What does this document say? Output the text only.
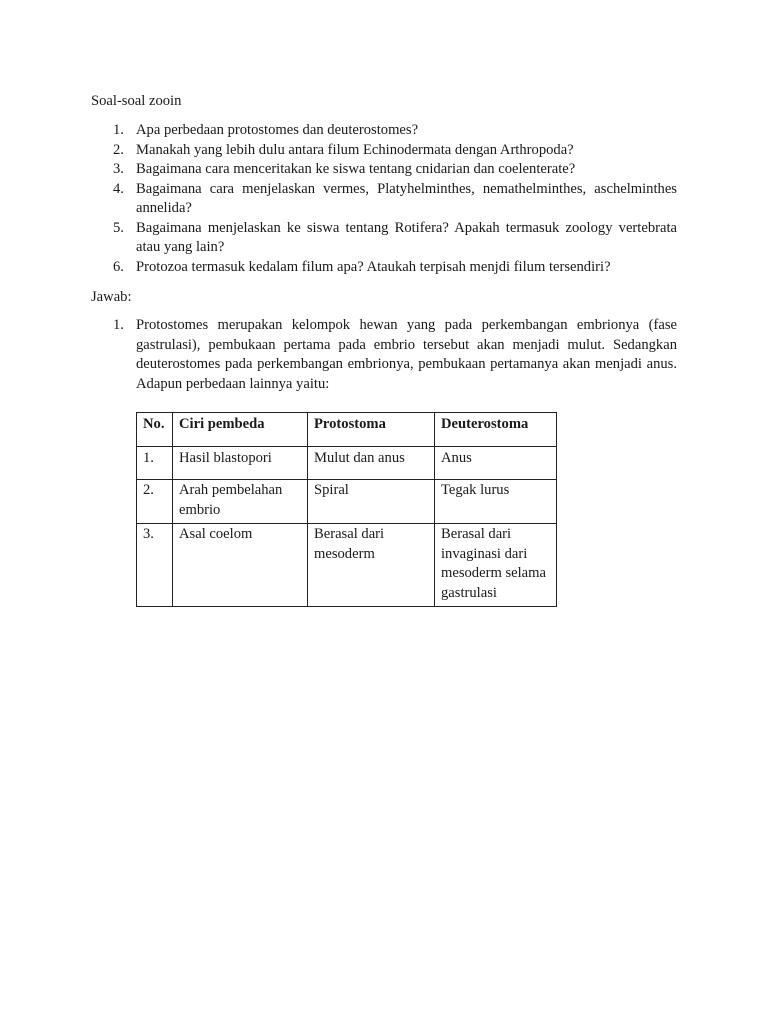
Soal-soal zooin

1. Apa perbedaan protostomes dan deuterostomes?
2. Manakah yang lebih dulu antara filum Echinodermata dengan Arthropoda?
3. Bagaimana cara menceritakan ke siswa tentang cnidarian dan coelenterate?
4. Bagaimana cara menjelaskan vermes, Platyhelminthes, nemathelminthes, aschelminthes annelida?
5. Bagaimana menjelaskan ke siswa tentang Rotifera? Apakah termasuk zoology vertebrata atau yang lain?
6. Protozoa termasuk kedalam filum apa? Ataukah terpisah menjdi filum tersendiri?

Jawab:

1. Protostomes merupakan kelompok hewan yang pada perkembangan embrionya (fase gastrulasi), pembukaan pertama pada embrio tersebut akan menjadi mulut. Sedangkan deuterostomes pada perkembangan embrionya, pembukaan pertamanya akan menjadi anus. Adapun perbedaan lainnya yaitu:
No.	Ciri pembeda	Protostoma	Deuterostoma
1.	Hasil blastopori	Mulut dan anus	Anus
2.	Arah pembelahan embrio	Spiral	Tegak lurus
3.	Asal coelom	Berasal dari mesoderm	Berasal dari invaginasi dari mesoderm selama gastrulasi
